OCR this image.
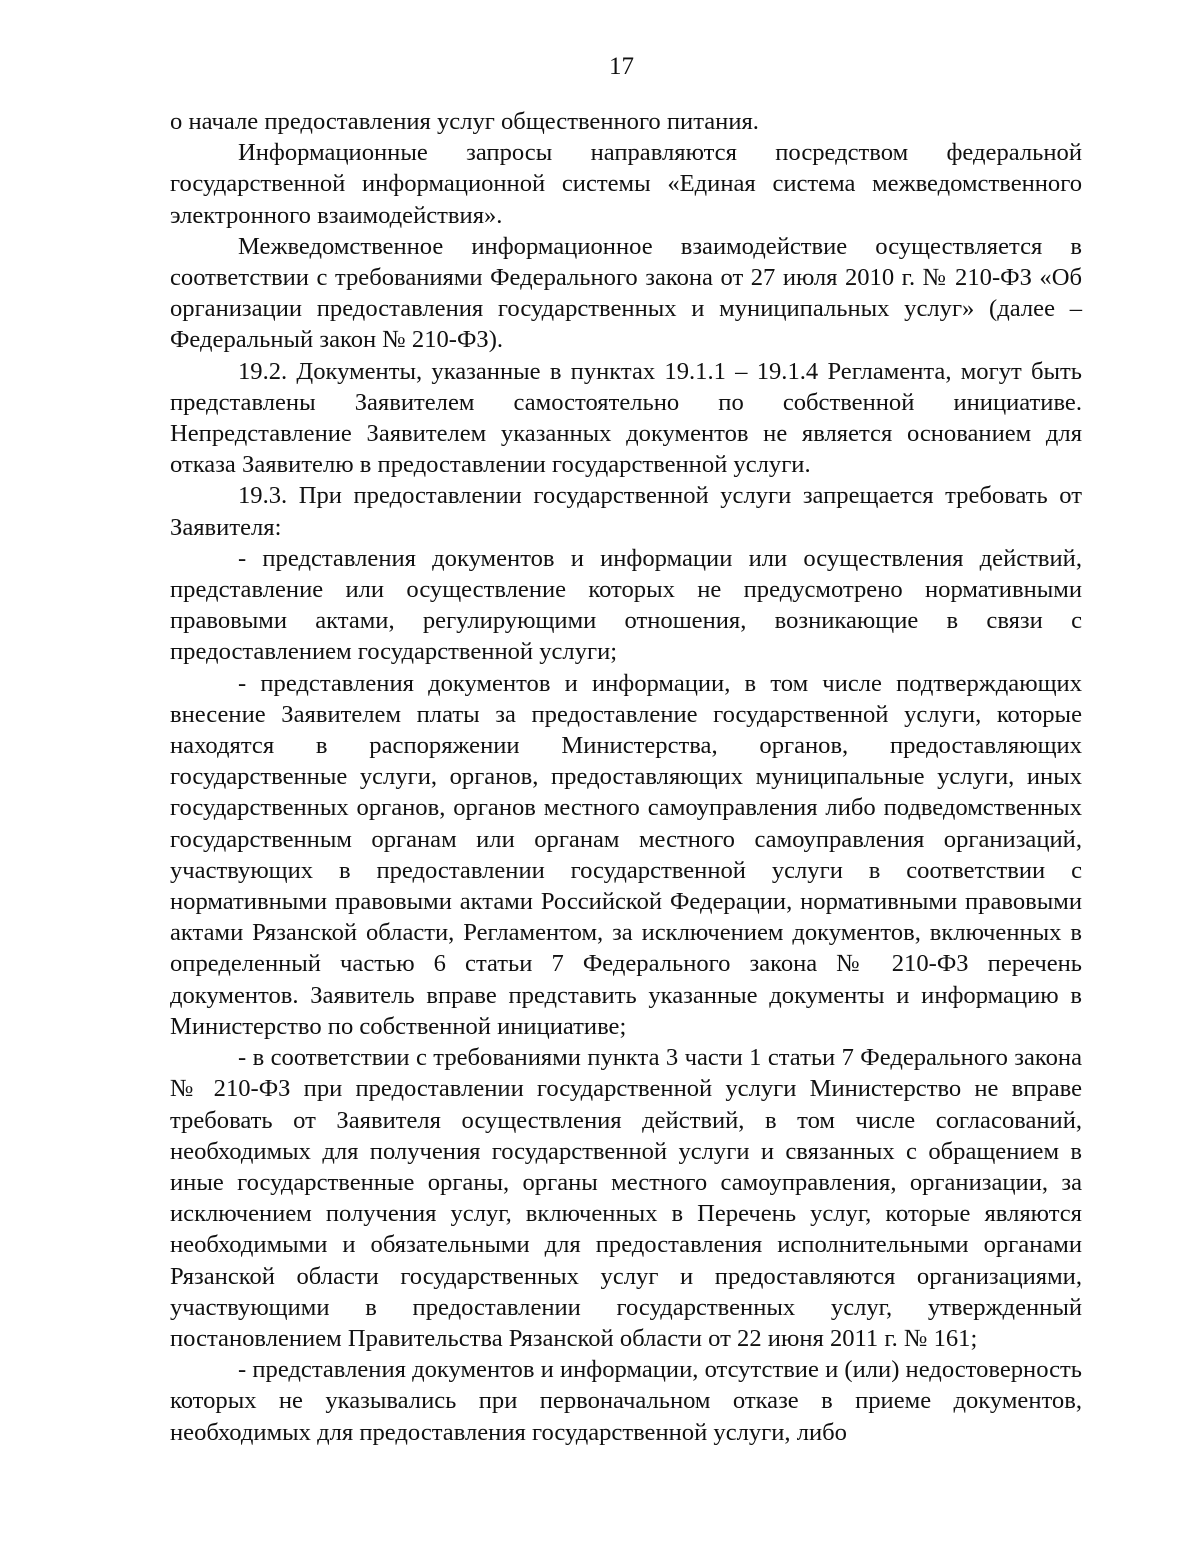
17

о начале предоставления услуг общественного питания.

Информационные запросы направляются посредством федеральной государственной информационной системы «Единая система межведомственного электронного взаимодействия».

Межведомственное информационное взаимодействие осуществляется в соответствии с требованиями Федерального закона от 27 июля 2010 г. № 210-ФЗ «Об организации предоставления государственных и муниципальных услуг» (далее – Федеральный закон № 210-ФЗ).

19.2. Документы, указанные в пунктах 19.1.1 – 19.1.4 Регламента, могут быть представлены Заявителем самостоятельно по собственной инициативе. Непредставление Заявителем указанных документов не является основанием для отказа Заявителю в предоставлении государственной услуги.

19.3. При предоставлении государственной услуги запрещается требовать от Заявителя:

- представления документов и информации или осуществления действий, представление или осуществление которых не предусмотрено нормативными правовыми актами, регулирующими отношения, возникающие в связи с предоставлением государственной услуги;

- представления документов и информации, в том числе подтверждающих внесение Заявителем платы за предоставление государственной услуги, которые находятся в распоряжении Министерства, органов, предоставляющих государственные услуги, органов, предоставляющих муниципальные услуги, иных государственных органов, органов местного самоуправления либо подведомственных государственным органам или органам местного самоуправления организаций, участвующих в предоставлении государственной услуги в соответствии с нормативными правовыми актами Российской Федерации, нормативными правовыми актами Рязанской области, Регламентом, за исключением документов, включенных в определенный частью 6 статьи 7 Федерального закона № 210-ФЗ перечень документов. Заявитель вправе представить указанные документы и информацию в Министерство по собственной инициативе;

- в соответствии с требованиями пункта 3 части 1 статьи 7 Федерального закона № 210-ФЗ при предоставлении государственной услуги Министерство не вправе требовать от Заявителя осуществления действий, в том числе согласований, необходимых для получения государственной услуги и связанных с обращением в иные государственные органы, органы местного самоуправления, организации, за исключением получения услуг, включенных в Перечень услуг, которые являются необходимыми и обязательными для предоставления исполнительными органами Рязанской области государственных услуг и предоставляются организациями, участвующими в предоставлении государственных услуг, утвержденный постановлением Правительства Рязанской области от 22 июня 2011 г. № 161;

- представления документов и информации, отсутствие и (или) недостоверность которых не указывались при первоначальном отказе в приеме документов, необходимых для предоставления государственной услуги, либо
